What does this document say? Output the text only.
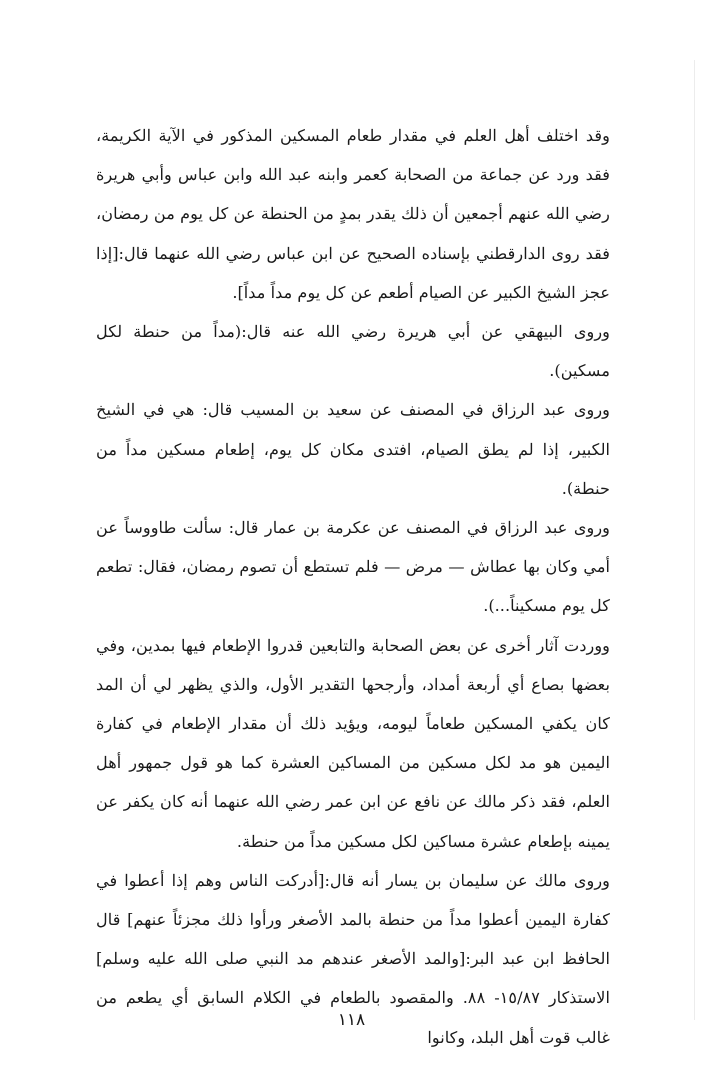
وقد اختلف أهل العلم في مقدار طعام المسكين المذكور في الآية الكريمة، فقد ورد عن جماعة من الصحابة كعمر وابنه عبد الله وابن عباس وأبي هريرة رضي الله عنهم أجمعين أن ذلك يقدر بمدٍ من الحنطة عن كل يوم من رمضان، فقد روى الدارقطني بإسناده الصحيح عن ابن عباس رضي الله عنهما قال:[إذا عجز الشيخ الكبير عن الصيام أطعم عن كل يوم مداً مداً].

وروى البيهقي عن أبي هريرة رضي الله عنه قال:(مداً من حنطة لكل مسكين).

وروى عبد الرزاق في المصنف عن سعيد بن المسيب قال: هي في الشيخ الكبير، إذا لم يطق الصيام، افتدى مكان كل يوم، إطعام مسكين مداً من حنطة).

وروى عبد الرزاق في المصنف عن عكرمة بن عمار قال: سألت طاووساً عن أمي وكان بها عطاش — مرض — فلم تستطع أن تصوم رمضان، فقال: تطعم كل يوم مسكيناً...).

ووردت آثار أخرى عن بعض الصحابة والتابعين قدروا الإطعام فيها بمدين، وفي بعضها بصاع أي أربعة أمداد، وأرجحها التقدير الأول، والذي يظهر لي أن المد كان يكفي المسكين طعاماً ليومه، ويؤيد ذلك أن مقدار الإطعام في كفارة اليمين هو مد لكل مسكين من المساكين العشرة كما هو قول جمهور أهل العلم، فقد ذكر مالك عن نافع عن ابن عمر رضي الله عنهما أنه كان يكفر عن يمينه بإطعام عشرة مساكين لكل مسكين مداً من حنطة.

وروى مالك عن سليمان بن يسار أنه قال:[أدركت الناس وهم إذا أعطوا في كفارة اليمين أعطوا مداً من حنطة بالمد الأصغر ورأوا ذلك مجزئاً عنهم] قال الحافظ ابن عبد البر:[والمد الأصغر عندهم مد النبي صلى الله عليه وسلم] الاستذكار ١٥/٨٧- ٨٨. والمقصود بالطعام في الكلام السابق أي يطعم من غالب قوت أهل البلد، وكانوا

١١٨
